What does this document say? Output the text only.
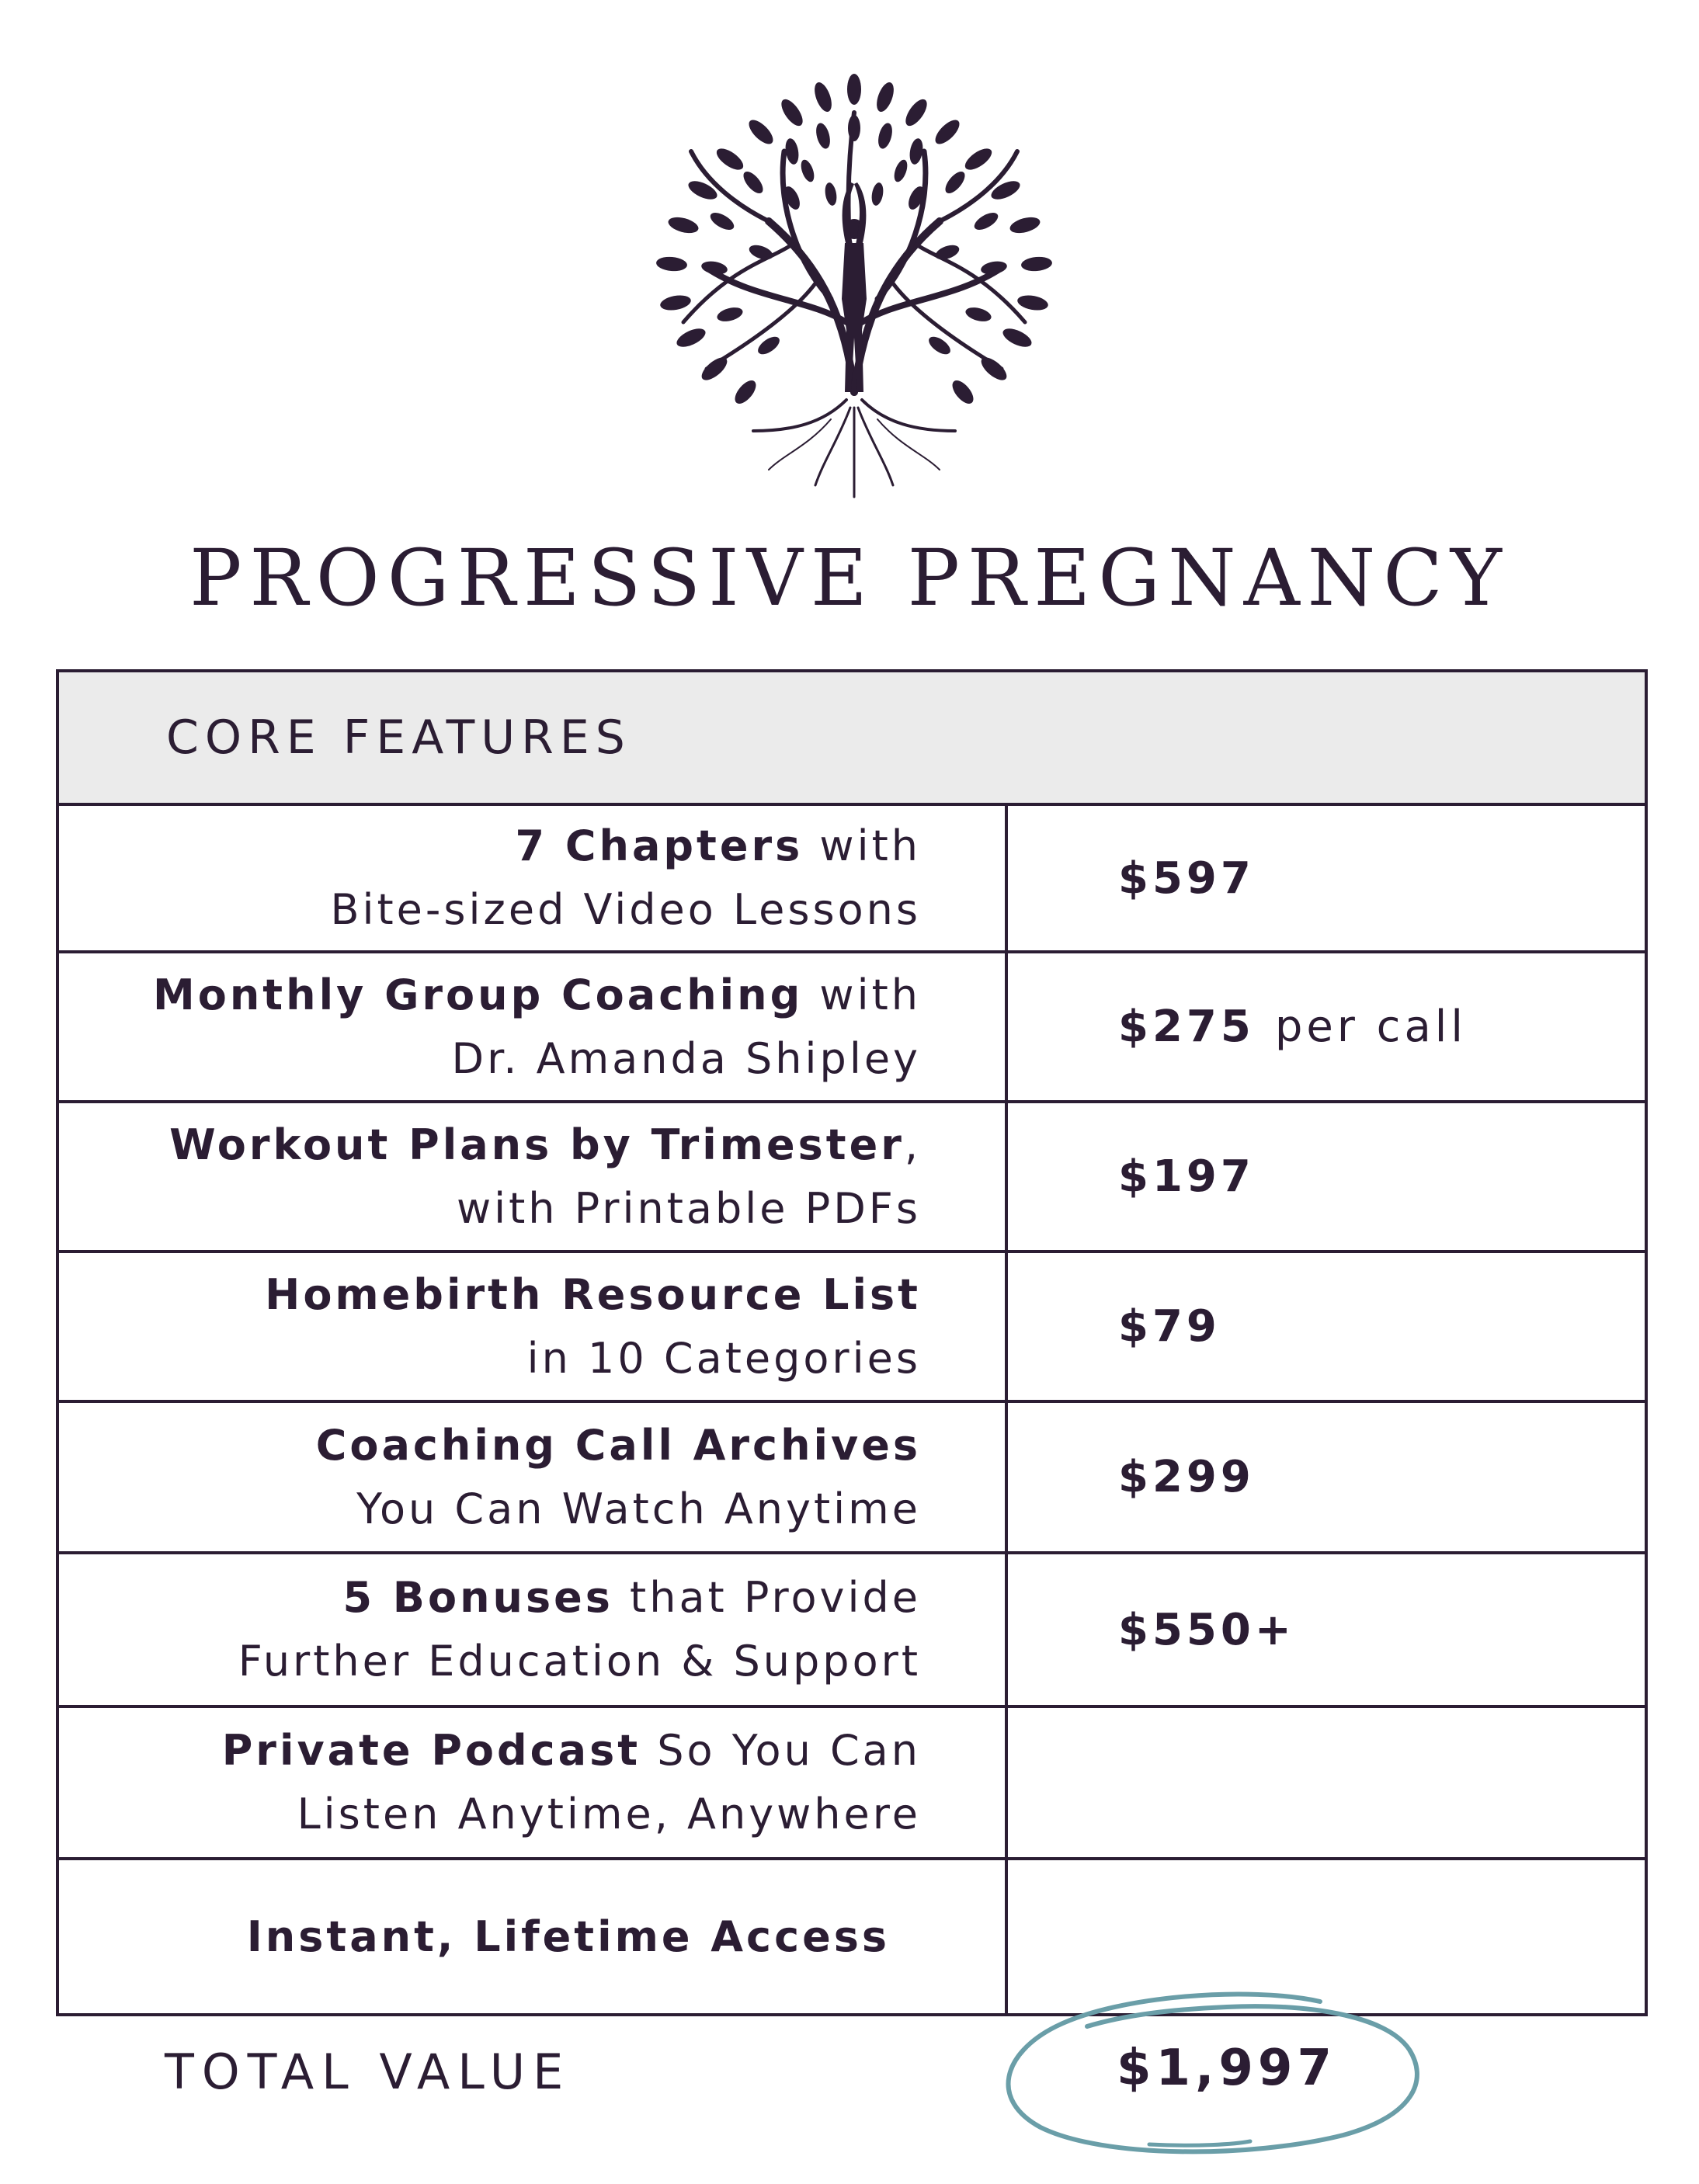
PROGRESSIVE PREGNANCY
CORE FEATURES
7 Chapters with
Bite-sized Video Lessons
$597
Monthly Group Coaching with
Dr. Amanda Shipley
$275 per call
Workout Plans by Trimester,
with Printable PDFs
$197
Homebirth Resource List
in 10 Categories
$79
Coaching Call Archives
You Can Watch Anytime
$299
5 Bonuses that Provide
Further Education & Support
$550+
Private Podcast So You Can
Listen Anytime, Anywhere
Instant, Lifetime Access
TOTAL VALUE	$1,997
